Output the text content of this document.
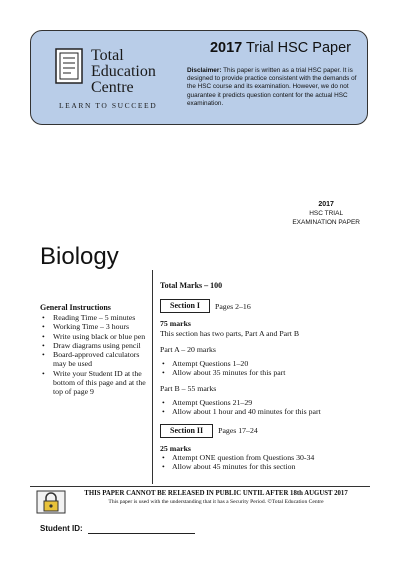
Total
Education
Centre
LEARN TO SUCCEED
2017 Trial HSC Paper
Disclaimer: This paper is written as a trial HSC paper. It is designed to provide practice consistent with the demands of the HSC course and its examination. However, we do not guarantee it predicts question content for the actual HSC examination.
2017
HSC TRIAL
EXAMINATION PAPER
Biology
General Instructions
• Reading Time – 5 minutes
• Working Time – 3 hours
• Write using black or blue pen
• Draw diagrams using pencil
• Board-approved calculators may be used
• Write your Student ID at the bottom of this page and at the top of page 9
Total Marks – 100
Section I	Pages 2–16
75 marks
This section has two parts, Part A and Part B
Part A – 20 marks
• Attempt Questions 1–20
• Allow about 35 minutes for this part
Part B – 55 marks
• Attempt Questions 21–29
• Allow about 1 hour and 40 minutes for this part
Section II	Pages 17–24
25 marks
• Attempt ONE question from Questions 30-34
• Allow about 45 minutes for this section
THIS PAPER CANNOT BE RELEASED IN PUBLIC UNTIL AFTER 18th AUGUST 2017
This paper is used with the understanding that it has a Security Period. ©Total Education Centre
Student ID:
